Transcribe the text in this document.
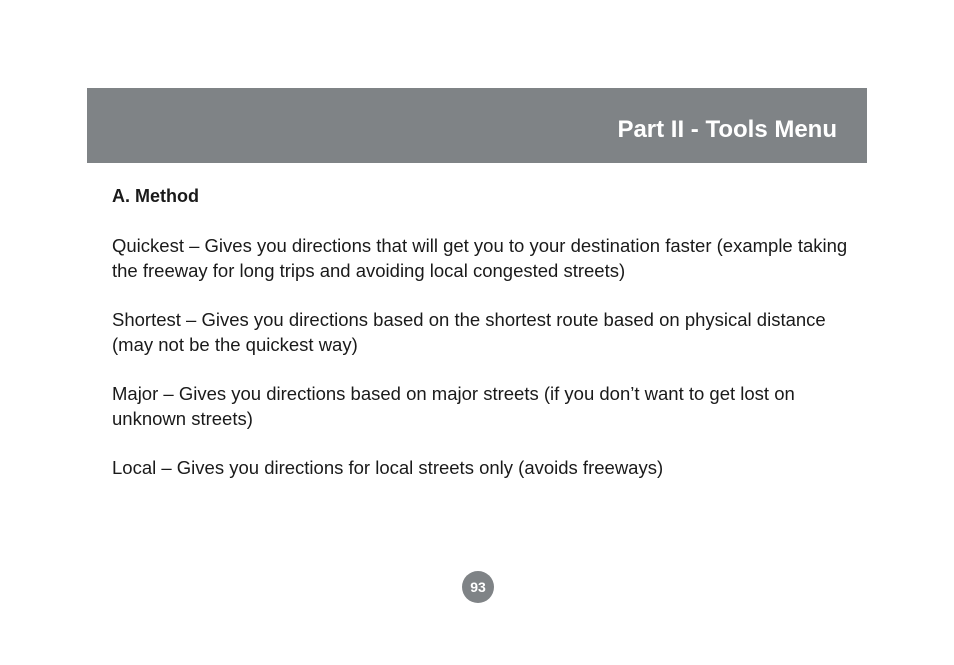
Part II - Tools Menu
A. Method

Quickest – Gives you directions that will get you to your destination faster (example taking the freeway for long trips and avoiding local congested streets)

Shortest – Gives you directions based on the shortest route based on physical distance (may not be the quickest way)

Major – Gives you directions based on major streets (if you don’t want to get lost on unknown streets)

Local – Gives you directions for local streets only (avoids freeways)

93
